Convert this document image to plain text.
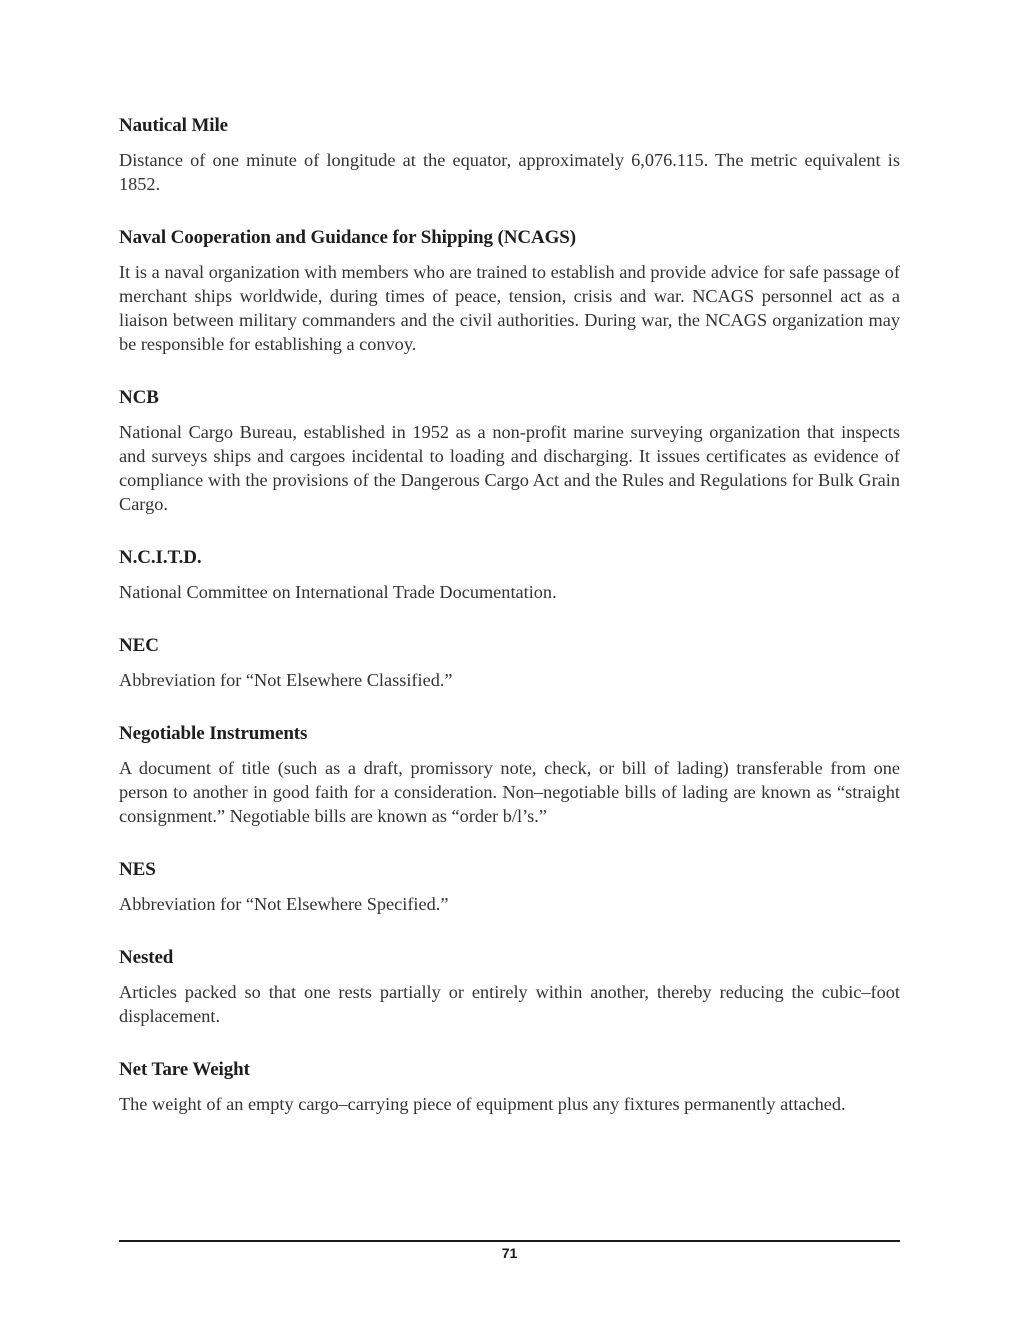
Nautical Mile

Distance of one minute of longitude at the equator, approximately 6,076.115. The metric equivalent is 1852.

Naval Cooperation and Guidance for Shipping (NCAGS)

It is a naval organization with members who are trained to establish and provide advice for safe passage of merchant ships worldwide, during times of peace, tension, crisis and war. NCAGS personnel act as a liaison between military commanders and the civil authorities. During war, the NCAGS organization may be responsible for establishing a convoy.

NCB

National Cargo Bureau, established in 1952 as a non-profit marine surveying organization that inspects and surveys ships and cargoes incidental to loading and discharging. It issues certificates as evidence of compliance with the provisions of the Dangerous Cargo Act and the Rules and Regulations for Bulk Grain Cargo.

N.C.I.T.D.

National Committee on International Trade Documentation.

NEC

Abbreviation for “Not Elsewhere Classified.”

Negotiable Instruments

A document of title (such as a draft, promissory note, check, or bill of lading) transferable from one person to another in good faith for a consideration. Non–negotiable bills of lading are known as “straight consignment.” Negotiable bills are known as “order b/l’s.”

NES

Abbreviation for “Not Elsewhere Specified.”

Nested

Articles packed so that one rests partially or entirely within another, thereby reducing the cubic–foot displacement.

Net Tare Weight

The weight of an empty cargo–carrying piece of equipment plus any fixtures permanently attached.

71
